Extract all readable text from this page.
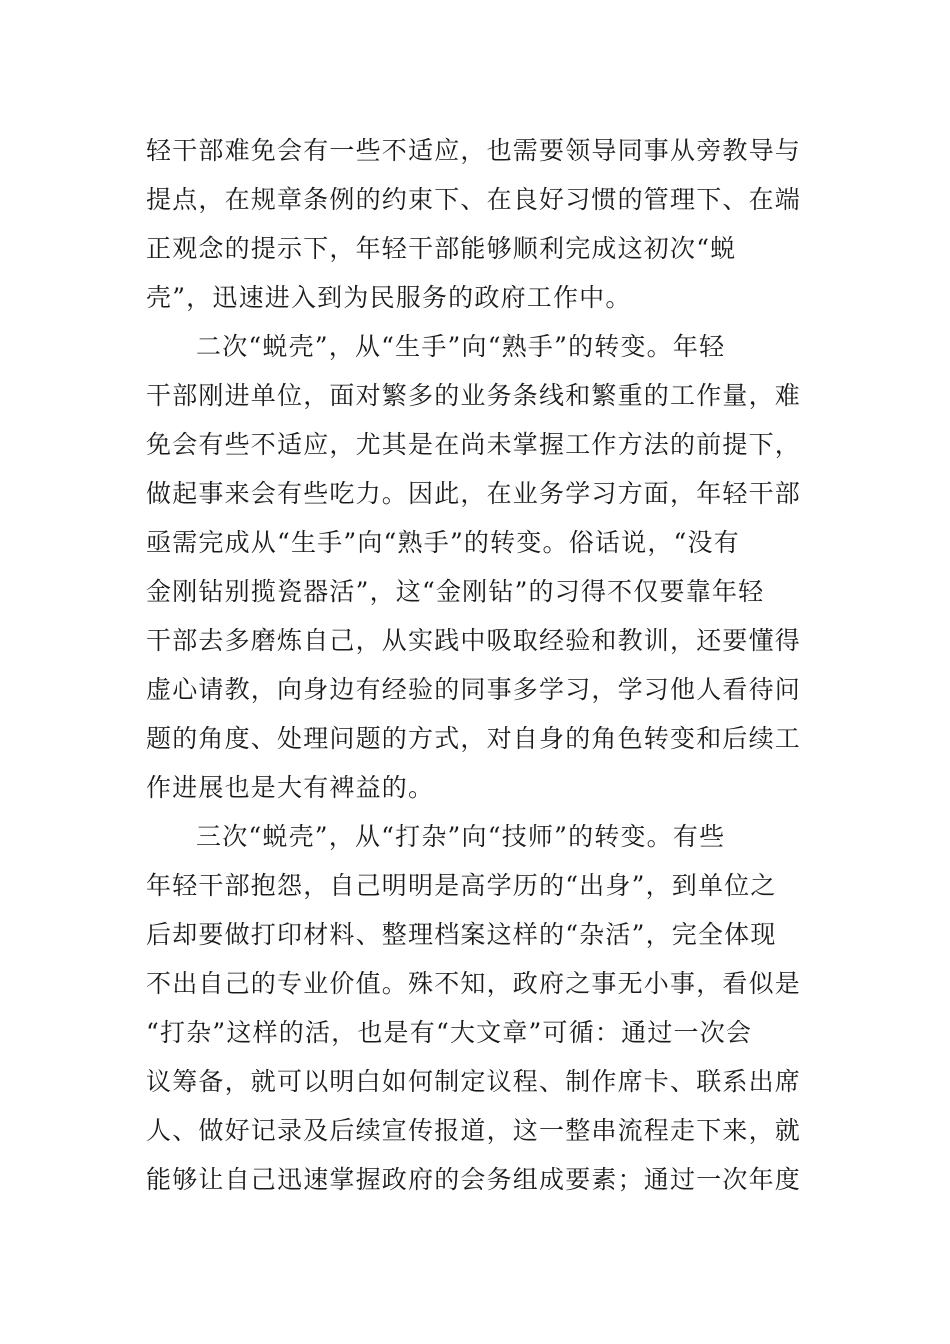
轻干部难免会有一些不适应，也需要领导同事从旁教导与
提点，在规章条例的约束下、在良好习惯的管理下、在端
正观念的提示下，年轻干部能够顺利完成这初次“蜕
壳”，迅速进入到为民服务的政府工作中。
二次“蜕壳”，从“生手”向“熟手”的转变。年轻
干部刚进单位，面对繁多的业务条线和繁重的工作量，难
免会有些不适应，尤其是在尚未掌握工作方法的前提下，
做起事来会有些吃力。因此，在业务学习方面，年轻干部
亟需完成从“生手”向“熟手”的转变。俗话说，“没有
金刚钻别揽瓷器活”，这“金刚钻”的习得不仅要靠年轻
干部去多磨炼自己，从实践中吸取经验和教训，还要懂得
虚心请教，向身边有经验的同事多学习，学习他人看待问
题的角度、处理问题的方式，对自身的角色转变和后续工
作进展也是大有裨益的。
三次“蜕壳”，从“打杂”向“技师”的转变。有些
年轻干部抱怨，自己明明是高学历的“出身”，到单位之
后却要做打印材料、整理档案这样的“杂活”，完全体现
不出自己的专业价值。殊不知，政府之事无小事，看似是
“打杂”这样的活，也是有“大文章”可循：通过一次会
议筹备，就可以明白如何制定议程、制作席卡、联系出席
人、做好记录及后续宣传报道，这一整串流程走下来，就
能够让自己迅速掌握政府的会务组成要素；通过一次年度
